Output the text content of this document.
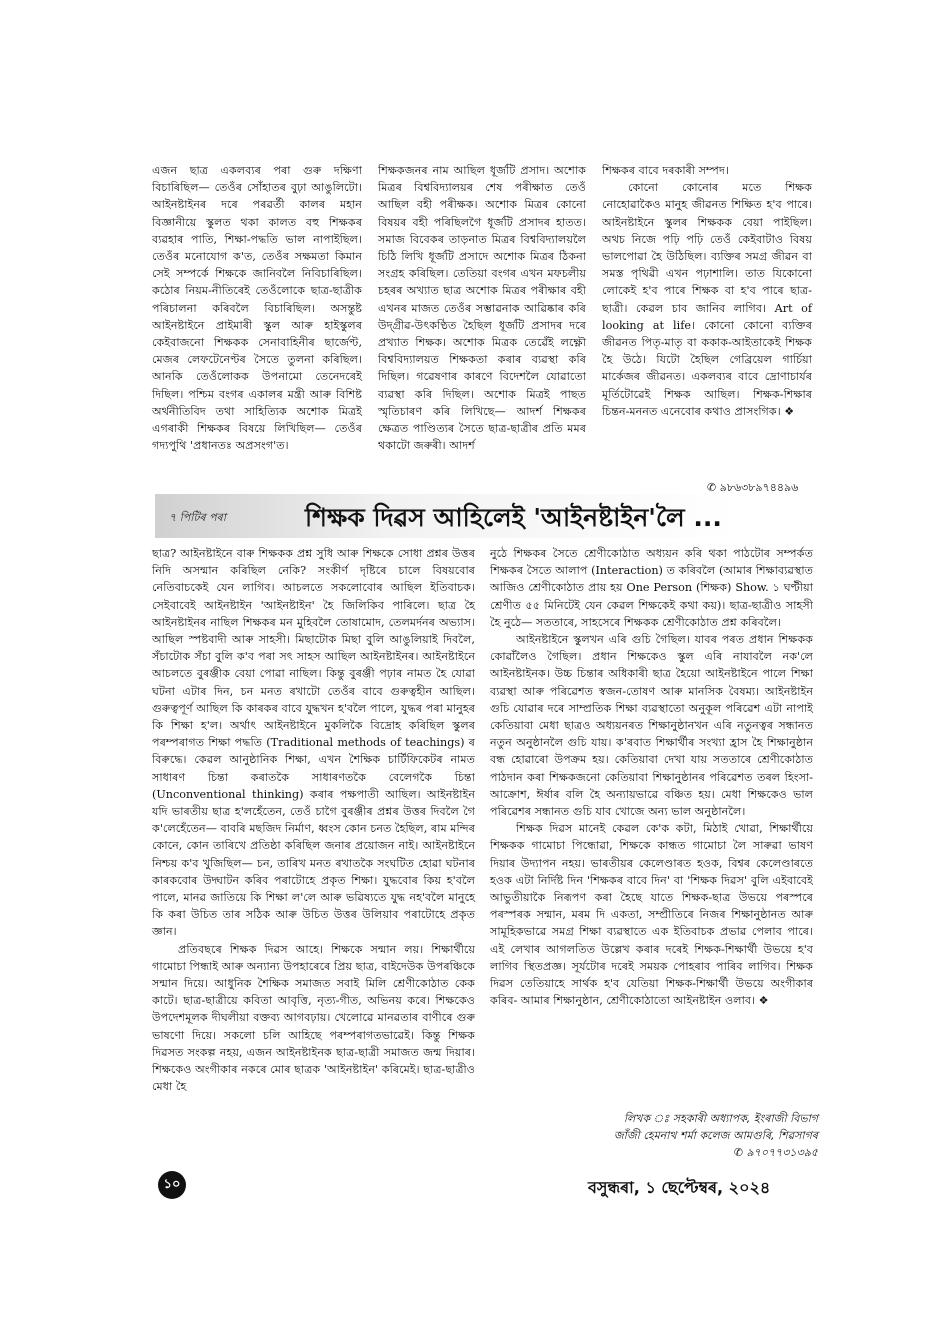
এজন ছাত্ৰ একলব্যৰ পৰা গুৰু দক্ষিণা বিচাৰিছিল— তেওঁৰ সোঁহাতৰ বুঢ়া আঙুলিটো। আইনষ্টাইনৰ দৰে পৰৱৰ্তী কালৰ মহান বিজ্ঞানীয়ে স্কুলত থকা কালত বহু শিক্ষকৰ ব্যৱহাৰ পাতি, শিক্ষা-পদ্ধতি ভাল নাপাইছিল। তেওঁৰ মনোযোগ ক'ত, তেওঁৰ সক্ষমতা কিমান সেই সম্পৰ্কে শিক্ষকে জানিবলৈ নিবিচাৰিছিল। কঠোৰ নিয়ম-নীতিৰেই তেওঁলোকে ছাত্ৰ-ছাত্ৰীক পৰিচালনা কৰিবলৈ বিচাৰিছিল। অসন্তুষ্ট আইনষ্টাইনে প্ৰাইমাৰী স্কুল আৰু হাইস্কুলৰ কেইবাজনো শিক্ষকক সেনাবাহিনীৰ ছাৰ্জেণ্ট, মেজৰ লেফটেনেণ্টৰ সৈতে তুলনা কৰিছিল। আনকি তেওঁলোকক উপনামো তেনেদৰেই দিছিল। পশ্চিম বংগৰ একালৰ মন্ত্ৰী আৰু বিশিষ্ট অৰ্থনীতিবিদ তথা সাহিত্যিক অশোক মিত্ৰই এগৰাকী শিক্ষকৰ বিষয়ে লিখিছিল— তেওঁৰ গদ্যপুথি 'প্ৰধানতঃ অপ্ৰসংগ'ত।

শিক্ষকজনৰ নাম আছিল ধূৰ্জটি প্ৰসাদ। অশোক মিত্ৰৰ বিশ্ববিদ্যালয়ৰ শেষ পৰীক্ষাত তেওঁ আছিল বহী পৰীক্ষক। অশোক মিত্ৰৰ কোনো বিষয়ৰ বহী পৰিছিলগৈ ধূৰ্জটি প্ৰসাদৰ হাতত। সমাজ বিবেকৰ তাড়নাত মিত্ৰৰ বিশ্ববিদ্যালয়লৈ চিঠি লিখি ধূৰ্জটি প্ৰসাদে অশোক মিত্ৰৰ ঠিকনা সংগ্ৰহ কৰিছিল। তেতিয়া বংগৰ এখন মফচলীয় চহৰৰ অখ্যাত ছাত্ৰ অশোক মিত্ৰৰ পৰীক্ষাৰ বহী এখনৰ মাজত তেওঁৰ সম্ভাৱনাক আৱিষ্কাৰ কৰি উদ্গ্ৰীৱ-উৎকণ্ঠিত হৈছিল ধূৰ্জটি প্ৰসাদৰ দৰে প্ৰখ্যাত শিক্ষক। অশোক মিত্ৰক তেৱেঁই লক্ষ্ণৌ বিশ্ববিদ্যালয়ত শিক্ষকতা কৰাৰ ব্যৱস্থা কৰি দিছিল। গৱেষণাৰ কাৰণে বিদেশলৈ যোৱাতো ব্যৱস্থা কৰি দিছিল। অশোক মিত্ৰই পাছত স্মৃতিচাৰণ কৰি লিখিছে— আদৰ্শ শিক্ষকৰ ক্ষেত্ৰত পাণ্ডিত্যৰ সৈতে ছাত্ৰ-ছাত্ৰীৰ প্ৰতি মমৰ থকাটো জৰুৰী। আদৰ্শ

শিক্ষকৰ বাবে দৰকাৰী সম্পদ।

কোনো কোনোৰ মতে শিক্ষক নোহোৱাকৈও মানুহ জীৱনত শিক্ষিত হ'ব পাৰে। আইনষ্টাইনে স্কুলৰ শিক্ষকক বেয়া পাইছিল। অথচ নিজে পঢ়ি পঢ়ি তেওঁ কেইবাটাও বিষয় ভালপোৱা হৈ উঠিছিল। ব্যক্তিৰ সমগ্ৰ জীৱন বা সমস্ত পৃথিৱী এখন পঢ়াশালি। তাত যিকোনো লোকেই হ'ব পাৰে শিক্ষক বা হ'ব পাৰে ছাত্ৰ-ছাত্ৰী। কেৱল চাব জানিব লাগিব। Art of looking at life। কোনো কোনো ব্যক্তিৰ জীৱনত পিতৃ-মাতৃ বা ককাক-আইতাকেই শিক্ষক হৈ উঠে। যিটো হৈছিল গেব্ৰিয়েল গাৰ্চিয়া মাৰ্কেজৰ জীৱনত। একলব্যৰ বাবে দ্ৰোণাচাৰ্যৰ মূৰ্তিটোৱেই শিক্ষক আছিল। শিক্ষক-শিক্ষাৰ চিন্তন-মননত এনেবোৰ কথাও প্ৰাসংগিক। ❖

✆ ৯৮৬৩৮৯৭৪৪৯৬
৭ পিটিৰ পৰা	শিক্ষক দিৱস আহিলেই 'আইনষ্টাইন'লৈ ...

ছাত্ৰ? আইনষ্টাইনে বাৰু শিক্ষকক প্ৰশ্ন সুধি আৰু শিক্ষকে সোধা প্ৰশ্নৰ উত্তৰ নিদি অসন্মান কৰিছিল নেকি? সংকীৰ্ণ দৃষ্টিৰে চালে বিষয়বোৰ নেতিবাচকেই যেন লাগিব। আচলতে সকলোবোৰ আছিল ইতিবাচক। সেইবাবেই আইনষ্টাইন 'আইনষ্টাইন' হৈ জিলিকিব পাৰিলে। ছাত্ৰ হৈ আইনষ্টাইনৰ নাছিল শিক্ষকৰ মন মুহিবলৈ তোষামোদ, তেলমৰ্দনৰ অভ্যাস। আছিল স্পষ্টবাদী আৰু সাহসী। মিছাটোক মিছা বুলি আঙুলিয়াই দিবলৈ, সঁচাটোক সঁচা বুলি ক'ব পৰা সৎ সাহস আছিল আইনষ্টাইনৰ। আইনষ্টাইনে আচলতে বুৰঞ্জীক বেয়া পোৱা নাছিল। কিন্তু বুৰঞ্জী পঢ়াৰ নামত হৈ যোৱা ঘটনা এটাৰ দিন, চন মনত ৰখাটো তেওঁৰ বাবে গুৰুত্বহীন আছিল। গুৰুত্বপূৰ্ণ আছিল কি কাৰকৰ বাবে যুদ্ধখন হ'বলৈ পালে, যুদ্ধৰ পৰা মানুহৰ কি শিক্ষা হ'ল। অৰ্থাৎ আইনষ্টাইনে মুকলিকৈ বিদ্ৰোহ কৰিছিল স্কুলৰ পৰম্পৰাগত শিক্ষা পদ্ধতি (Traditional methods of teachings) ৰ বিৰুদ্ধে। কেৱল আনুষ্ঠানিক শিক্ষা, এখন শৈক্ষিক চাৰ্টিফিকেটৰ নামত সাধাৰণ চিন্তা কৰাতকৈ সাধাৰণতকৈ বেলেগকৈ চিন্তা (Unconventional thinking) কৰাৰ পক্ষপাতী আছিল। আইনষ্টাইন যদি ভাৰতীয় ছাত্ৰ হ'লহেঁতেন, তেওঁ চাগৈ বুৰঞ্জীৰ প্ৰশ্নৰ উত্তৰ দিবলৈ গৈ ক'লেহেঁতেন— বাবৰি মছজিদ নিৰ্মাণ, ধ্বংস কোন চনত হৈছিল, ৰাম মন্দিৰ কোনে, কোন তাৰিখে প্ৰতিষ্ঠা কৰিছিল জনাৰ প্ৰয়োজন নাই। আইনষ্টাইনে নিশ্চয় ক'ব খুজিছিল— চন, তাৰিখ মনত ৰখাতকৈ সংঘটিত হোৱা ঘটনাৰ কাৰকবোৰ উদ্ঘাটন কৰিব পৰাটোহে প্ৰকৃত শিক্ষা। যুদ্ধবোৰ কিয় হ'বলৈ পালে, মানৱ জাতিয়ে কি শিক্ষা ল'লে আৰু ভৱিষ্যতে যুদ্ধ নহ'বলৈ মানুহে কি কৰা উচিত তাৰ সঠিক আৰু উচিত উত্তৰ উলিয়াব পৰাটোহে প্ৰকৃত জ্ঞান।

প্ৰতিবছৰে শিক্ষক দিৱস আহে। শিক্ষকে সন্মান লয়। শিক্ষাৰ্থীয়ে গামোচা পিন্ধাই আৰু অন্যান্য উপহাৰেৰে প্ৰিয় ছাত্ৰ, বাইদেউক উপৰঞ্চিকে সন্মান দিয়ে। আধুনিক শৈক্ষিক সমাজত সবাই মিলি শ্ৰেণীকোঠাত কেক কাটে। ছাত্ৰ-ছাত্ৰীয়ে কবিতা আবৃত্তি, নৃত্য-গীত, অভিনয় কৰে। শিক্ষকেও উপদেশমূলক দীঘলীয়া বক্তব্য আগবঢ়ায়। খেলোৱে মানৱতাৰ বাণীৰে গুৰু ভাষণো দিয়ে। সকলো চলি আহিছে পৰম্পৰাগতভাৱেই। কিন্তু শিক্ষক দিৱসত সংকল্প নহয়, এজন আইনষ্টাইনক ছাত্ৰ-ছাত্ৰী সমাজত জন্ম দিয়াৰ। শিক্ষকেও অংগীকাৰ নকৰে মোৰ ছাত্ৰক 'আইনষ্টাইন' কৰিমেই। ছাত্ৰ-ছাত্ৰীও মেধা হৈ

নুঠে শিক্ষকৰ সৈতে শ্ৰেণীকোঠাত অধ্যয়ন কৰি থকা পাঠটোৰ সম্পৰ্কত শিক্ষকৰ সৈতে আলাপ (Interaction) ত কৰিবলৈ (আমাৰ শিক্ষাব্যৱস্থাত আজিও শ্ৰেণীকোঠাত প্ৰায় হয় One Person (শিক্ষক) Show. ১ ঘণ্টীয়া শ্ৰেণীত ৫৫ মিনিটেই যেন কেৱল শিক্ষকেই কথা কয়)। ছাত্ৰ-ছাত্ৰীও সাহসী হৈ নুঠে— সততাৰে, সাহসেৰে শিক্ষকক শ্ৰেণীকোঠাত প্ৰশ্ন কৰিবলৈ।

আইনষ্টাইনে স্কুলখন এৰি গুচি গৈছিল। যাবৰ পৰত প্ৰধান শিক্ষকক কোৱাঁলৈও গৈছিল। প্ৰধান শিক্ষকেও স্কুল এৰি নাযাবলৈ নক'লে আইনষ্টাইনক। উচ্চ চিন্তাৰ অধিকাৰী ছাত্ৰ হৈয়ো আইনষ্টাইনে পালে শিক্ষা ব্যৱস্থা আৰু পৰিৱেশত স্বজন-তোষণ আৰু মানসিক বৈষম্য। আইনষ্টাইন গুচি যোৱাৰ দৰে সাম্প্ৰতিক শিক্ষা ব্যৱস্থাতো অনুকূল পৰিৱেশ এটা নাপাই কেতিয়াবা মেধা ছাত্ৰও অধ্যয়নৰত শিক্ষানুষ্ঠানখন এৰি নতুনত্বৰ সন্ধানত নতুন অনুষ্ঠানলৈ গুচি যায়। ক'ৰবাত শিক্ষাৰ্থীৰ সংখ্যা হ্ৰাস হৈ শিক্ষানুষ্ঠান বন্ধ হোৱাৰো উপক্ৰম হয়। কেতিয়াবা দেখা যায় সততাৰে শ্ৰেণীকোঠাত পাঠদান কৰা শিক্ষকজনো কেতিয়াবা শিক্ষানুষ্ঠানৰ পৰিৱেশত তৰল হিংসা-আক্ৰোশ, ঈৰ্ষাৰ বলি হৈ অন্যায়ভাৱে বঞ্চিত হয়। মেধা শিক্ষকেও ভাল পৰিৱেশৰ সন্ধানত গুচি যাব খোজে অন্য ভাল অনুষ্ঠানলৈ।

শিক্ষক দিৱস মানেই কেৱল কে'ক কটা, মিঠাই খোৱা, শিক্ষাৰ্থীয়ে শিক্ষকক গামোচা পিন্ধোৱা, শিক্ষকে কান্ধত গামোচা লৈ সাৰুৱা ভাষণ দিয়াৰ উদ্যাপন নহয়। ভাৰতীয়ৰ কেলেণ্ডাৰত হওক, বিশ্বৰ কেলেণ্ডাৰতে হওক এটা নিৰ্দিষ্ট দিন 'শিক্ষকৰ বাবে দিন' বা 'শিক্ষক দিৱস' বুলি এইবাবেই আভুতীয়াকৈ নিৰূপণ কৰা হৈছে যাতে শিক্ষক-ছাত্ৰ উভয়ে পৰস্পৰে পৰস্পৰক সন্মান, মৰম দি একতা, সম্প্ৰীতিৰে নিজৰ শিক্ষানুষ্ঠানত আৰু সামূহিকভাৱে সমগ্ৰ শিক্ষা ব্যৱস্থাতে এক ইতিবাচক প্ৰভাৱ পেলাব পাৰে। এই লেখাৰ আগলতিত উল্লেখ কৰাৰ দৰেই শিক্ষক-শিক্ষাৰ্থী উভয়ে হ'ব লাগিব স্থিতপ্ৰজ্ঞ। সূৰ্যটোৰ দৰেই সময়ক পোহৰাব পাৰিব লাগিব। শিক্ষক দিৱস তেতিয়াহে সাৰ্থক হ'ব যেতিয়া শিক্ষক-শিক্ষাৰ্থী উভয়ে অংগীকাৰ কৰিব- আমাৰ শিক্ষানুষ্ঠান, শ্ৰেণীকোঠাতো আইনষ্টাইন ওলাব। ❖

লিখক ঃ সহকাৰী অধ্যাপক, ইংৰাজী বিভাগ
জাঁজী হেমনাথ শৰ্মা কলেজ আমগুৰি, শিৱসাগৰ
✆ ৯৭০৭৭৩১৩৯৫
১০	বসুন্ধৰা, ১ ছেপ্টেম্বৰ, ২০২৪
